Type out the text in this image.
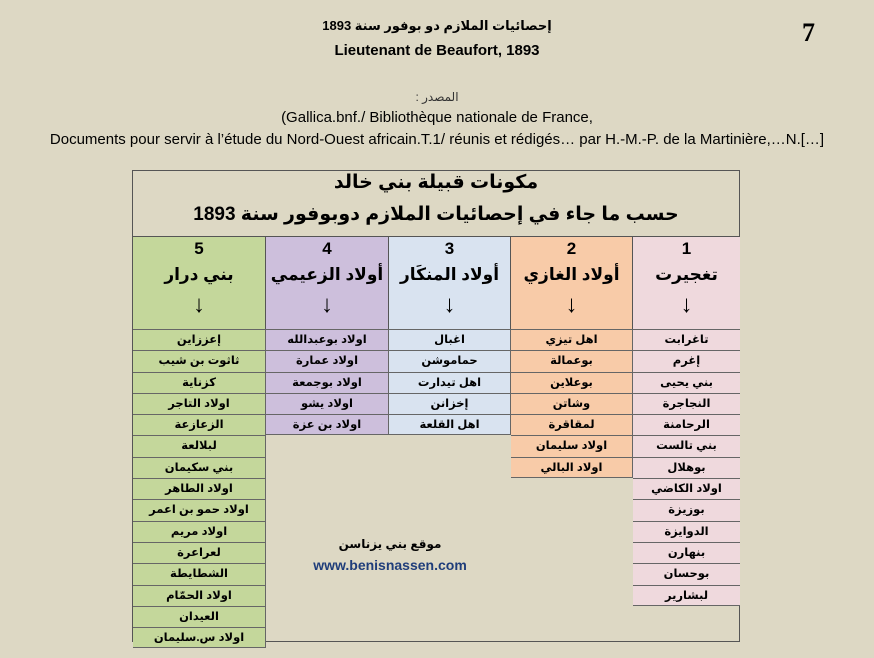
7
إحصائيات الملازم دو بوفور سنة 1893
Lieutenant de Beaufort, 1893
المصدر :
(Gallica.bnf./ Bibliothèque nationale de France,
Documents pour servir à l’étude du Nord-Ouest africain.T.1/ réunis et rédigés… par H.-M.-P. de la Martinière,…N.[…]
مكونات قبيلة بني خالد
حسب ما جاء في إحصائيات الملازم دوبوفور سنة 1893
5
بني درار
↓
إعززاين
ثاثوت بن شيب
كزناية
اولاد التاجر
الزعازعة
لبلالعة
بني سكيمان
اولاد الطاهر
اولاد حمو بن اعمر
اولاد مريم
لعراعرة
الشطايطة
اولاد الحمّام
العيدان
اولاد س.سليمان
4
أولاد الزعيمي
↓
اولاد بوعبدالله
اولاد عمارة
اولاد بوجمعة
اولاد يشو
اولاد بن عزة
3
أولاد المنكَار
↓
اغبال
حماموشن
اهل تيدارت
إخزانن
اهل القلعة
2
أولاد الغازي
↓
اهل تيزي
بوعمالة
بوعلاين
وشاتن
لمقاقرة
اولاد سليمان
اولاد البالي
1
تغجيرت
↓
تاغرابت
إغرم
بني يحيى
النجاجرة
الرحامنة
بني تالست
بوهلال
اولاد الكاضي
بوزيزة
الدوايزة
بنهارن
بوحسان
لبشارير
موقع بني يزناسن
www.benisnassen.com
